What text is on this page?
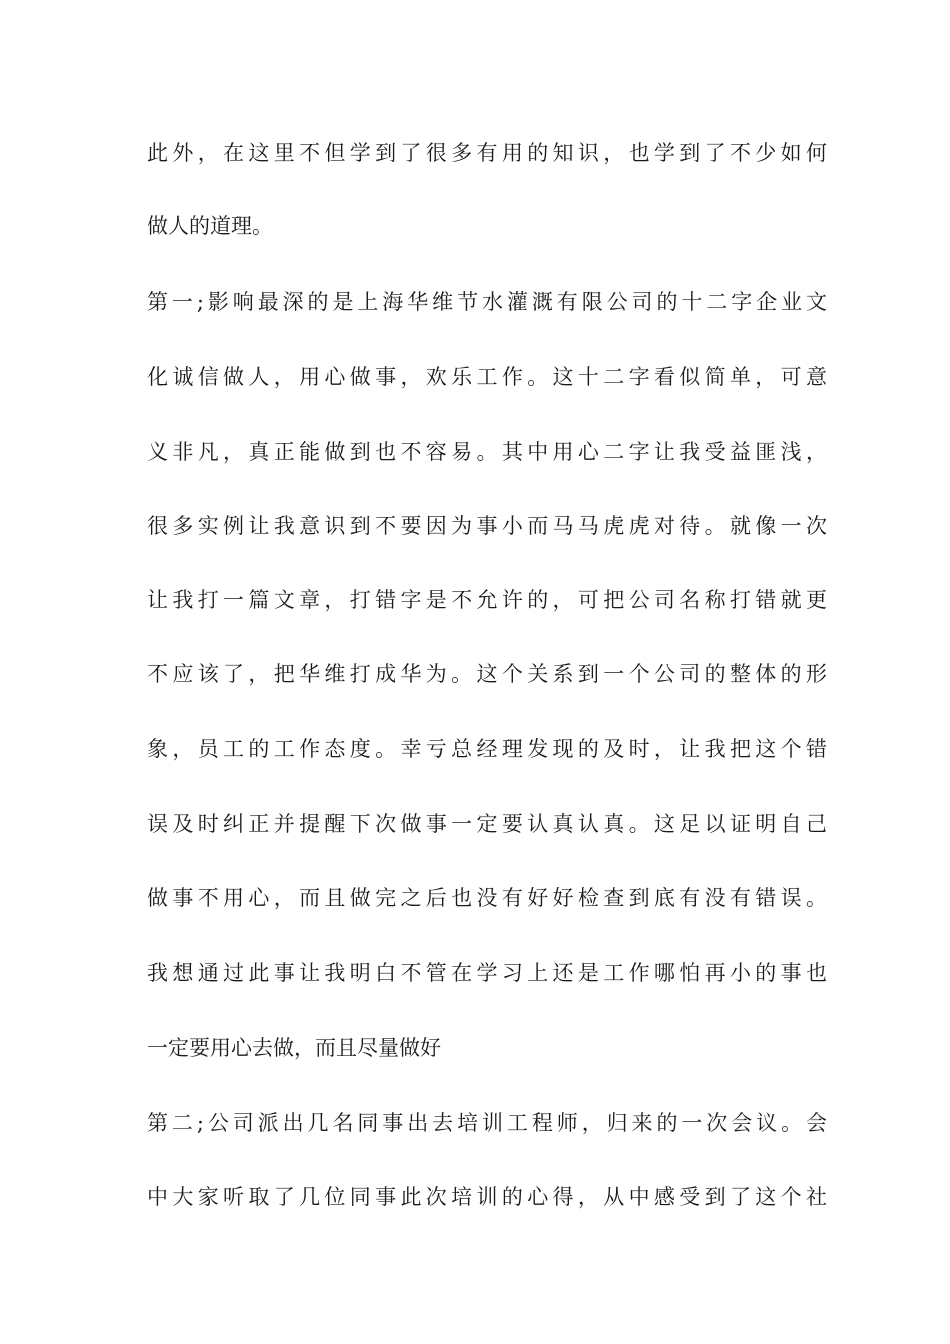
此外，在这里不但学到了很多有用的知识，也学到了不少如何
做人的道理。
第一;影响最深的是上海华维节水灌溉有限公司的十二字企业文
化诚信做人，用心做事，欢乐工作。这十二字看似简单，可意
义非凡，真正能做到也不容易。其中用心二字让我受益匪浅，
很多实例让我意识到不要因为事小而马马虎虎对待。就像一次
让我打一篇文章，打错字是不允许的，可把公司名称打错就更
不应该了，把华维打成华为。这个关系到一个公司的整体的形
象，员工的工作态度。幸亏总经理发现的及时，让我把这个错
误及时纠正并提醒下次做事一定要认真认真。这足以证明自己
做事不用心，而且做完之后也没有好好检查到底有没有错误。
我想通过此事让我明白不管在学习上还是工作哪怕再小的事也
一定要用心去做，而且尽量做好
第二;公司派出几名同事出去培训工程师，归来的一次会议。会
中大家听取了几位同事此次培训的心得，从中感受到了这个社
